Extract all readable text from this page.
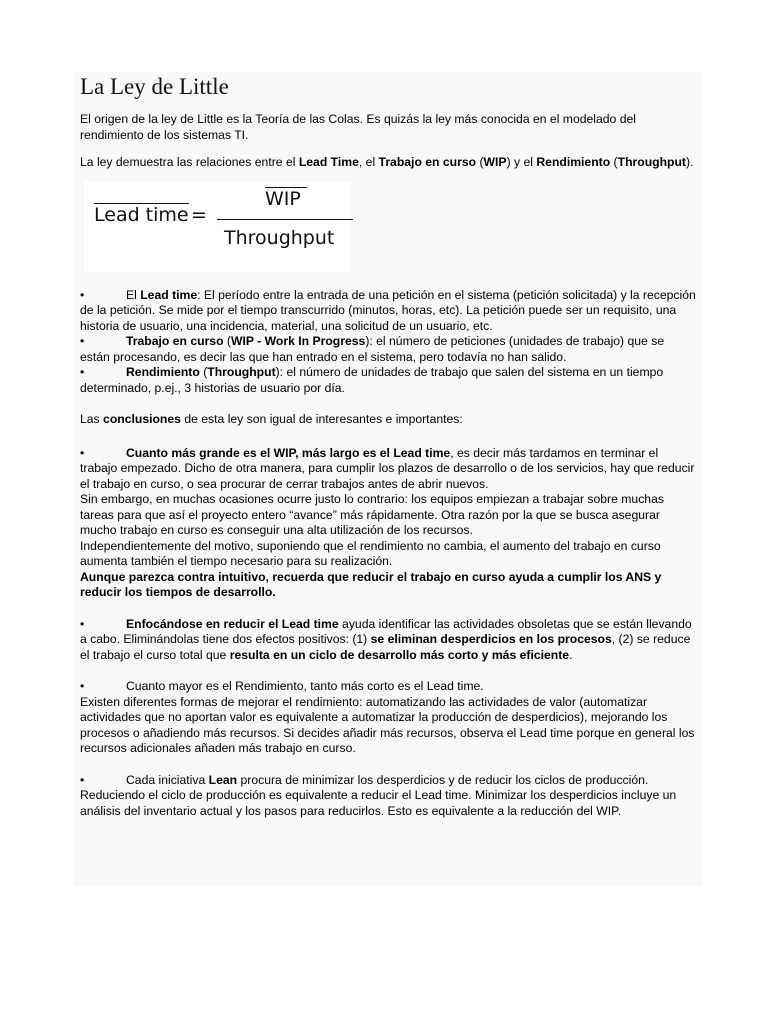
La Ley de Little

El origen de la ley de Little es la Teoría de las Colas. Es quizás la ley más conocida en el modelado del rendimiento de los sistemas TI.

La ley demuestra las relaciones entre el Lead Time, el Trabajo en curso (WIP) y el Rendimiento (Throughput).

Lead time =
WIP
Throughput

•	El Lead time: El período entre la entrada de una petición en el sistema (petición solicitada) y la recepción de la petición. Se mide por el tiempo transcurrido (minutos, horas, etc). La petición puede ser un requisito, una historia de usuario, una incidencia, material, una solicitud de un usuario, etc.

•	Trabajo en curso (WIP - Work In Progress): el número de peticiones (unidades de trabajo) que se están procesando, es decir las que han entrado en el sistema, pero todavía no han salido.

•	Rendimiento (Throughput): el número de unidades de trabajo que salen del sistema en un tiempo determinado, p.ej., 3 historias de usuario por día.

Las conclusiones de esta ley son igual de interesantes e importantes:

•	Cuanto más grande es el WIP, más largo es el Lead time, es decir más tardamos en terminar el trabajo empezado. Dicho de otra manera, para cumplir los plazos de desarrollo o de los servicios, hay que reducir el trabajo en curso, o sea procurar de cerrar trabajos antes de abrir nuevos.

Sin embargo, en muchas ocasiones ocurre justo lo contrario: los equipos empiezan a trabajar sobre muchas tareas para que así el proyecto entero “avance” más rápidamente. Otra razón por la que se busca asegurar mucho trabajo en curso es conseguir una alta utilización de los recursos.

Independientemente del motivo, suponiendo que el rendimiento no cambia, el aumento del trabajo en curso aumenta también el tiempo necesario para su realización.

Aunque parezca contra intuitivo, recuerda que reducir el trabajo en curso ayuda a cumplir los ANS y reducir los tiempos de desarrollo.

•	Enfocándose en reducir el Lead time ayuda identificar las actividades obsoletas que se están llevando a cabo. Eliminándolas tiene dos efectos positivos: (1) se eliminan desperdicios en los procesos, (2) se reduce el trabajo el curso total que resulta en un ciclo de desarrollo más corto y más eficiente.

•	Cuanto mayor es el Rendimiento, tanto más corto es el Lead time.

Existen diferentes formas de mejorar el rendimiento: automatizando las actividades de valor (automatizar actividades que no aportan valor es equivalente a automatizar la producción de desperdicios), mejorando los procesos o añadiendo más recursos. Si decides añadir más recursos, observa el Lead time porque en general los recursos adicionales añaden más trabajo en curso.

•	Cada iniciativa Lean procura de minimizar los desperdicios y de reducir los ciclos de producción.

Reduciendo el ciclo de producción es equivalente a reducir el Lead time. Minimizar los desperdicios incluye un análisis del inventario actual y los pasos para reducirlos. Esto es equivalente a la reducción del WIP.
